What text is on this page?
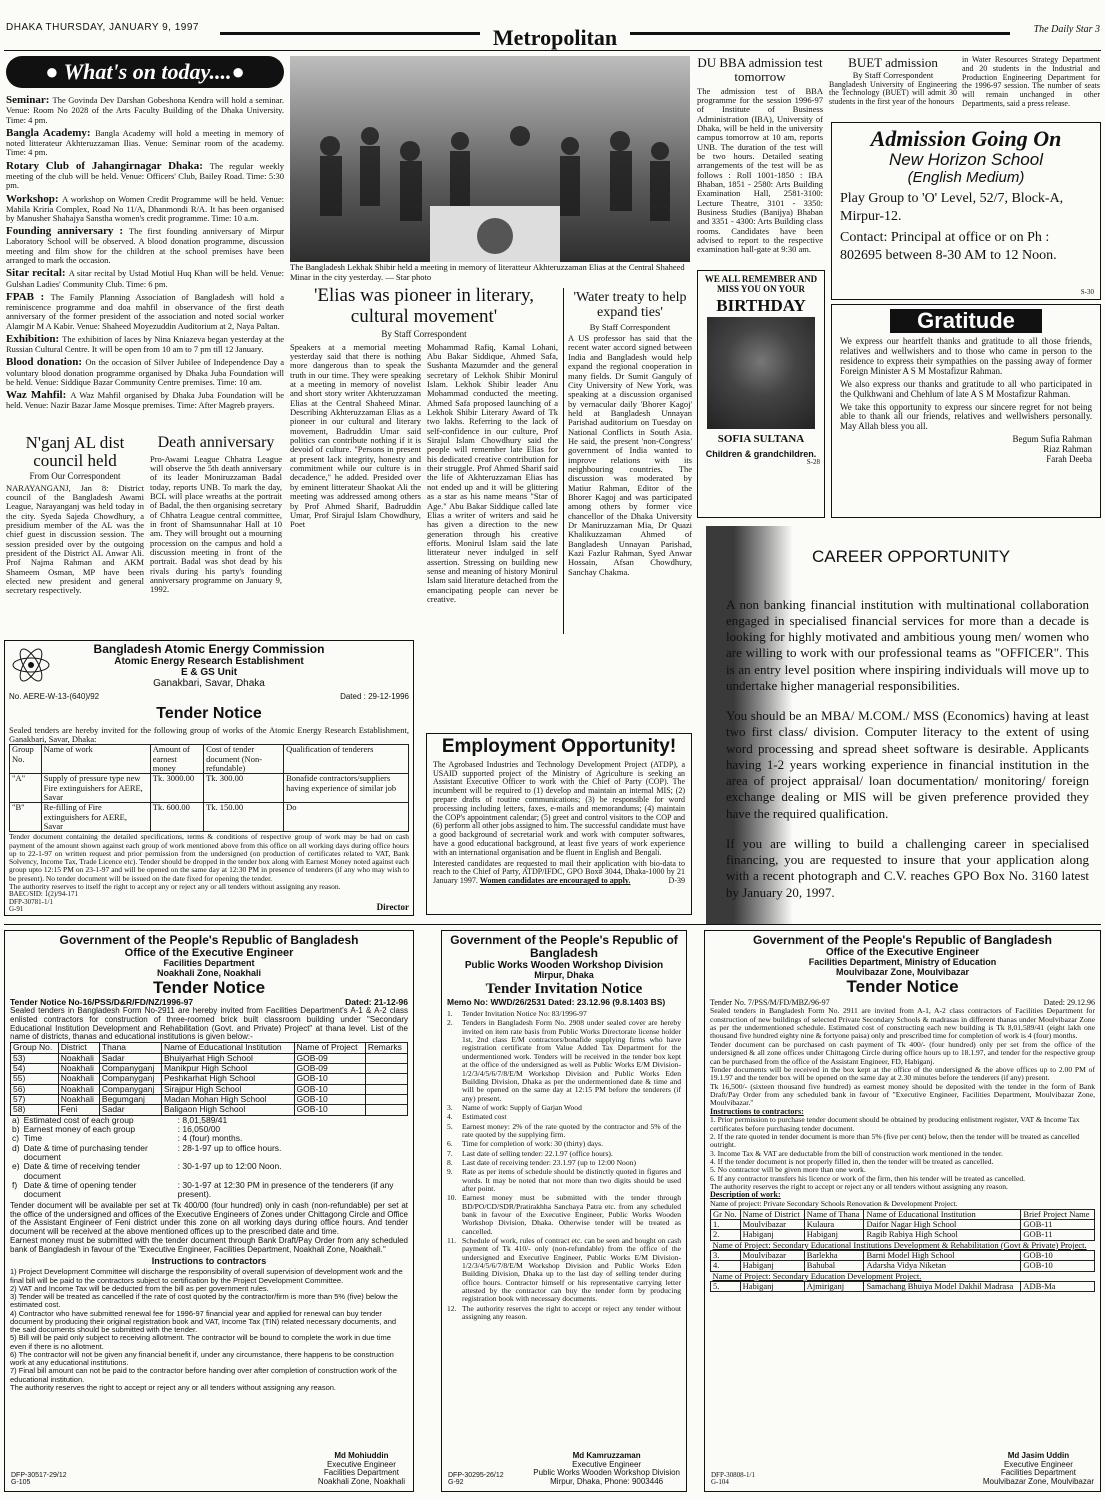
DHAKA THURSDAY, JANUARY 9, 1997	Metropolitan	The Daily Star 3
● What's on today....●

Seminar: The Govinda Dev Darshan Gobeshona Kendra will hold a seminar. Venue: Room No 2028 of the Arts Faculty Building of the Dhaka University. Time: 4 pm.

Bangla Academy: Bangla Academy will hold a meeting in memory of noted litterateur Akhteruzzaman Ilias. Venue: Seminar room of the academy. Time: 4 pm.

Rotary Club of Jahangirnagar Dhaka: The regular weekly meeting of the club will be held. Venue: Officers' Club, Bailey Road. Time: 5:30 pm.

Workshop: A workshop on Women Credit Programme will be held. Venue: Mahila Kriria Complex, Road No 11/A, Dhanmondi R/A. It has been organised by Manusher Shahajya Sanstha women's credit programme. Time: 10 a.m.

Founding anniversary : The first founding anniversary of Mirpur Laboratory School will be observed. A blood donation programme, discussion meeting and film show for the children at the school premises have been arranged to mark the occasion.

Sitar recital: A sitar recital by Ustad Motiul Huq Khan will be held. Venue: Gulshan Ladies' Community Club. Time: 6 pm.

FPAB : The Family Planning Association of Bangladesh will hold a reminiscence programme and doa mahfil in observance of the first death anniversary of the former president of the association and noted social worker Alamgir M A Kabir. Venue: Shaheed Moyezuddin Auditorium at 2, Naya Paltan.

Exhibition: The exhibition of laces by Nina Kniazeva began yesterday at the Russian Cultural Centre. It will be open from 10 am to 7 pm till 12 January.

Blood donation: On the occasion of Silver Jubilee of Independence Day a voluntary blood donation programme organised by Dhaka Juba Foundation will be held. Venue: Siddique Bazar Community Centre premises. Time: 10 am.

Waz Mahfil: A Waz Mahfil organised by Dhaka Juba Foundation will be held. Venue: Nazir Bazar Jame Mosque premises. Time: After Magreb prayers.

N'ganj AL dist council held
From Our Correspondent
NARAYANGANJ, Jan 8: District council of the Bangladesh Awami League, Narayanganj was held today in the city. Syeda Sajeda Chowdhury, a presidium member of the AL was the chief guest in discussion session. The session presided over by the outgoing president of the District AL Anwar Ali. Prof Najma Rahman and AKM Shameem Osman, MP have been elected new president and general secretary respectively.
Death anniversary
Pro-Awami League Chhatra League will observe the 5th death anniversary of its leader Moniruzzaman Badal today, reports UNB. To mark the day, BCL will place wreaths at the portrait of Badal, the then organising secretary of Chhatra League central committee, in front of Shamsunnahar Hall at 10 am. They will brought out a mourning procession on the campus and hold a discussion meeting in front of the portrait. Badal was shot dead by his rivals during his party's founding anniversary programme on January 9, 1992.
The Bangladesh Lekhak Shibir held a meeting in memory of literatteur Akhteruzzaman Elias at the Central Shaheed Minar in the city yesterday. — Star photo
'Elias was pioneer in literary, cultural movement'
By Staff Correspondent
Speakers at a memorial meeting yesterday said that there is nothing more dangerous than to speak the truth in our time. They were speaking at a meeting in memory of novelist and short story writer Akhteruzzaman Elias at the Central Shaheed Minar. Describing Akhteruzzaman Elias as a pioneer in our cultural and literary movement, Badruddin Umar said politics can contribute nothing if it is devoid of culture. "Persons in present at present lack integrity, honesty and commitment while our culture is in decadence," he added. Presided over by eminent litterateur Shaokat Ali the meeting was addressed among others by Prof Ahmed Sharif, Badruddin Umar, Prof Sirajul Islam Chowdhury, Poet
Mohammad Rafiq, Kamal Lohani, Abu Bakar Siddique, Ahmed Safa, Sushanta Mazumder and the general secretary of Lekhok Shibir Monirul Islam. Lekhok Shibir leader Anu Mohammad conducted the meeting. Ahmed Safa proposed launching of a Lekhok Shibir Literary Award of Tk two lakhs. Referring to the lack of self-confidence in our culture, Prof Sirajul Islam Chowdhury said the people will remember late Elias for his dedicated creative contribution for their struggle. Prof Ahmed Sharif said the life of Akhteruzzaman Elias has not ended up and it will be glittering as a star as his name means "Star of Age." Abu Bakar Siddique called late Elias a writer of writers and said he has given a direction to the new generation through his creative efforts. Monirul Islam said the late litterateur never indulged in self assertion. Stressing on building new sense and meaning of history Monirul Islam said literature detached from the emancipating people can never be creative.
'Water treaty to help expand ties'
By Staff Correspondent
A US professor has said that the recent water accord signed between India and Bangladesh would help expand the regional cooperation in many fields. Dr Sumit Ganguly of City University of New York, was speaking at a discussion organised by vernacular daily 'Bhorer Kagoj' held at Bangladesh Unnayan Parishad auditorium on Tuesday on National Conflicts in South Asia. He said, the present 'non-Congress' government of India wanted to improve relations with its neighbouring countries. The discussion was moderated by Matiur Rahman, Editor of the Bhorer Kagoj and was participated among others by former vice chancellor of the Dhaka University Dr Maniruzzaman Mia, Dr Quazi Khalikuzzaman Ahmed of Bangladesh Unnayan Parishad, Kazi Fazlur Rahman, Syed Anwar Hossain, Afsan Chowdhury, Sanchay Chakma.
DU BBA admission test tomorrow
The admission test of BBA programme for the session 1996-97 of Institute of Business Administration (IBA), University of Dhaka, will be held in the university campus tomorrow at 10 am, reports UNB. The duration of the test will be two hours. Detailed seating arrangements of the test will be as follows : Roll 1001-1850 : IBA Bhaban, 1851 - 2580: Arts Building Examination Hall, 2581-3100: Lecture Theatre, 3101 - 3350: Business Studies (Banijya) Bhaban and 3351 - 4300: Arts Building class rooms. Candidates have been advised to report to the respective examination hall-gate at 9:30 am.
BUET admission
By Staff Correspondent
Bangladesh University of Engineering the Technology (BUET) will admit 30 students in the first year of the honours
in Water Resources Strategy Department and 20 students in the Industrial and Production Engineering Department for the 1996-97 session. The number of seats will remain unchanged in other Departments, said a press release.
WE ALL REMEMBER AND MISS YOU ON YOUR
BIRTHDAY
SOFIA SULTANA
Children & grandchildren.
S-28
Admission Going On
New Horizon School
(English Medium)
Play Group to 'O' Level, 52/7, Block-A, Mirpur-12.
Contact: Principal at office or on Ph : 802695 between 8-30 AM to 12 Noon.
S-30
Gratitude
We express our heartfelt thanks and gratitude to all those friends, relatives and wellwishers and to those who came in person to the residence to express their sympathies on the passing away of former Foreign Minister A S M Mostafizur Rahman.
We also express our thanks and gratitude to all who participated in the Qulkhwani and Chehlum of late A S M Mostafizur Rahman.
We take this opportunity to express our sincere regret for not being able to thank all our friends, relatives and wellwishers personally. May Allah bless you all.
Begum Sufia Rahman
Riaz Rahman
Farah Deeba
CAREER OPPORTUNITY
A non banking financial institution with multinational collaboration engaged in specialised financial services for more than a decade is looking for highly motivated and ambitious young men/ women who are willing to work with our professional teams as "OFFICER". This is an entry level position where inspiring individuals will move up to undertake higher managerial responsibilities.
You should be an MBA/ M.COM./ MSS (Economics) having at least two first class/ division. Computer literacy to the extent of using word processing and spread sheet software is desirable. Applicants having 1-2 years working experience in financial institution in the area of project appraisal/ loan documentation/ monitoring/ foreign exchange dealing or MIS will be given preference provided they have the required qualification.
If you are willing to build a challenging career in specialised financing, you are requested to insure that your application along with a recent photograph and C.V. reaches GPO Box No. 3160 latest by January 20, 1997.
Employment Opportunity!
The Agrobased Industries and Technology Development Project (ATDP), a USAID supported project of the Ministry of Agriculture is seeking an Assistant Executive Officer to work with the Chief of Party (COP). The incumbent will be required to (1) develop and maintain an internal MIS; (2) prepare drafts of routine communications; (3) be responsible for word processing including letters, faxes, e-mails and memorandums; (4) maintain the COP's appointment calendar; (5) greet and control visitors to the COP and (6) perform all other jobs assigned to him. The successful candidate must have a good background of secretarial work and work with computer softwares, have a good educational background, at least five years of work experience with an international organisation and be fluent in English and Bengali.
Interested candidates are requested to mail their application with bio-data to reach to the Chief of Party, ATDP/IFDC, GPO Box# 3044, Dhaka-1000 by 21 January 1997. Women candidates are encouraged to apply.	D-39
Bangladesh Atomic Energy Commission
Atomic Energy Research Establishment
E & GS Unit
Ganakbari, Savar, Dhaka
No. AERE-W-13-(640)/92	Dated : 29-12-1996
Tender Notice
Sealed tenders are hereby invited for the following group of works of the Atomic Energy Research Establishment, Ganakbari, Savar, Dhaka:
Group No.	Name of work	Amount of earnest money	Cost of tender document (Non-refundable)	Qualification of tenderers
"A"	Supply of pressure type new Fire extinguishers for AERE, Savar	Tk. 3000.00	Tk. 300.00	Bonafide contractors/suppliers having experience of similar job
"B"	Re-filling of Fire extinguishers for AERE, Savar	Tk. 600.00	Tk. 150.00	Do
Tender document containing the detailed specifications, terms & conditions of respective group of work may be had on cash payment of the amount shown against each group of work mentioned above from this office on all working days during office hours up to 22-1-97 on written request and prior permission from the undersigned (on production of certificates related to VAT, Bank Solvency, Income Tax, Trade Licence etc). Tender should be dropped in the tender box along with Earnest Money noted against each group upto 12:15 PM on 23-1-97 and will be opened on the same day at 12:30 PM in presence of tenderers (if any who may wish to be present). No tender document will be issued on the date fixed for opening the tender.
The authority reserves to itself the right to accept any or reject any or all tenders without assigning any reason.
BAEC/SID: 1(2)/94-171
DFP-30781-1/1
G-91	Director
Government of the People's Republic of Bangladesh
Office of the Executive Engineer
Facilities Department
Noakhali Zone, Noakhali
Tender Notice
Tender Notice No-16/PSS/D&R/FD/NZ/1996-97	Dated: 21-12-96
Sealed tenders in Bangladesh Form No-2911 are hereby invited from Facilities Department's A-1 & A-2 class enlisted contractors for construction of three-roomed brick built classroom building under "Secondary Educational Institution Development and Rehabilitation (Govt. and Private) Project" at thana level. List of the name of districts, thanas and educational institutions is given below:-
Group No.	District	Thana	Name of Educational Institution	Name of Project	Remarks
53)	Noakhali	Sadar	Bhuiyarhat High School	GOB-09	
54)	Noakhali	Companyganj	Manikpur High School	GOB-09	
55)	Noakhali	Companyganj	Peshkarhat High School	GOB-10	
56)	Noakhali	Companyganj	Sirajpur High School	GOB-10	
57)	Noakhali	Begumganj	Madan Mohan High School	GOB-10	
58)	Feni	Sadar	Baligaon High School	GOB-10	
a)	Estimated cost of each group	: 8,01,589/41
b)	Earnest money of each group	: 16,050/00
c)	Time	: 4 (four) months.
d)	Date & time of purchasing tender document	: 28-1-97 up to office hours.
e)	Date & time of receiving tender document	: 30-1-97 up to 12:00 Noon.
f)	Date & time of opening tender document	: 30-1-97 at 12:30 PM in presence of the tenderers (if any present).
Tender document will be available per set at Tk 400/00 (four hundred) only in cash (non-refundable) per set at the office of the undersigned and offices of the Executive Engineers of Zones under Chittagong Circle and Office of the Assistant Engineer of Feni district under this zone on all working days during office hours. And tender document will be received at the above mentioned offices up to the prescribed date and time.
Earnest money must be submitted with the tender document through Bank Draft/Pay Order from any scheduled bank of Bangladesh in favour of the "Executive Engineer, Facilities Department, Noakhali Zone, Noakhali."
Instructions to contractors
1) Project Development Committee will discharge the responsibility of overall supervision of development work and the final bill will be paid to the contractors subject to certification by the Project Development Committee.
2) VAT and Income Tax will be deducted from the bill as per government rules.
3) Tender will be treated as cancelled if the rate of cost quoted by the contractor/firm is more than 5% (five) below the estimated cost.
4) Contractor who have submitted renewal fee for 1996-97 financial year and applied for renewal can buy tender document by producing their original registration book and VAT, Income Tax (TIN) related necessary documents, and the said documents should be submitted with the tender.
5) Bill will be paid only subject to receiving allotment. The contractor will be bound to complete the work in due time even if there is no allotment.
6) The contractor will not be given any financial benefit if, under any circumstance, there happens to be construction work at any educational institutions.
7) Final bill amount can not be paid to the contractor before handing over after completion of construction work of the educational institution.
The authority reserves the right to accept or reject any or all tenders without assigning any reason.
Md Mohiuddin
Executive Engineer
Facilities Department
Noakhali Zone, Noakhali
DFP-30517-29/12
G-105
Government of the People's Republic of Bangladesh
Public Works Wooden Workshop Division
Mirpur, Dhaka
Tender Invitation Notice
Memo No: WWD/26/2531 Dated: 23.12.96 (9.8.1403 BS)
1.	Tender Invitation Notice No: 83/1996-97
2.	Tenders in Bangladesh Form No. 2908 under sealed cover are hereby invited on item rate basis from Public Works Directorate license holder 1st, 2nd class E/M contractors/bonafide supplying firms who have registration certificate from Value Added Tax Department for the undermentioned work. Tenders will be received in the tender box kept at the office of the undersigned as well as Public Works E/M Division-1/2/3/4/5/6/7/8/E/M Workshop Division and Public Works Eden Building Division, Dhaka as per the undermentioned date & time and will be opened on the same day at 12:15 PM before the tenderers (if any) present.
3.	Name of work: Supply of Garjan Wood
4.	Estimated cost
5.	Earnest money: 2% of the rate quoted by the contractor and 5% of the rate quoted by the supplying firm.
6.	Time for completion of work: 30 (thirty) days.
7.	Last date of selling tender: 22.1.97 (office hours).
8.	Last date of receiving tender: 23.1.97 (up to 12:00 Noon)
9.	Rate as per items of schedule should be distinctly quoted in figures and words. It may be noted that not more than two digits should be used after point.
10. Earnest money must be submitted with the tender through BD/PO/CD/SDR/Pratirakhha Sanchaya Patra etc. from any scheduled bank in favour of the Executive Engineer, Public Works Wooden Workshop Division, Dhaka. Otherwise tender will be treated as cancelled.
11. Schedule of work, rules of contract etc. can be seen and bought on cash payment of Tk 410/- only (non-refundable) from the office of the undersigned and Executive Engineer, Public Works E/M Division-1/2/3/4/5/6/7/8/E/M Workshop Division and Public Works Eden Building Division, Dhaka up to the last day of selling tender during office hours. Contractor himself or his representative carrying letter attested by the contractor can buy the tender form by producing registration book with necessary documents.
12. The authority reserves the right to accept or reject any tender without assigning any reason.
Md Kamruzzaman
Executive Engineer
Public Works Wooden Workshop Division
Mirpur, Dhaka, Phone: 9003446
DFP-30295-26/12
G-92
Government of the People's Republic of Bangladesh
Office of the Executive Engineer
Facilities Department, Ministry of Education
Moulvibazar Zone, Moulvibazar
Tender Notice
Tender No. 7/PSS/M/FD/MBZ/96-97	Dated: 29.12.96
Sealed tenders in Bangladesh Form No. 2911 are invited from A-1, A-2 class contractors of Facilities Department for construction of new buildings of selected Private Secondary Schools & madrasas in different thanas under Moulvibazar Zone as per the undermentioned schedule. Estimated cost of constructing each new building is Tk 8,01,589/41 (eight lakh one thousand five hundred eighty nine & fortyone paisa) only and prescribed time for completion of work is 4 (four) months.
Tender document can be purchased on cash payment of Tk 400/- (four hundred) only per set from the office of the undersigned & all zone offices under Chittagong Circle during office hours up to 18.1.97, and tender for the respective group can be purchased from the office of the Assistant Engineer, FD, Habiganj.
Tender documents will be received in the box kept at the office of the undersigned & the above offices up to 2.00 PM of 19.1.97 and the tender box will be opened on the same day at 2.30 minutes before the tenderers (if any) present.
Tk 16,500/- (sixteen thousand five hundred) as earnest money should be deposited with the tender in the form of Bank Draft/Pay Order from any scheduled bank in favour of "Executive Engineer, Facilities Department, Moulvibazar Zone, Moulvibazar."
Instructions to contractors:
1. Prior permission to purchase tender document should be obtained by producing enlistment register, VAT & Income Tax certificates before purchasing tender document.
2. If the rate quoted in tender document is more than 5% (five per cent) below, then the tender will be treated as cancelled outright.
3. Income Tax & VAT are deductable from the bill of construction work mentioned in the tender.
4. If the tender document is not properly filled in, then the tender will be treated as cancelled.
5. No contractor will be given more than one work.
6. If any contractor transfers his licence or work of the firm, then his tender will be treated as cancelled.
The authority reserves the right to accept or reject any or all tenders without assigning any reason.
Description of work:
Name of project: Private Secondary Schools Renovation & Development Project.
Gr No.	Name of District	Name of Thana	Name of Educational Institution	Brief Project Name
1.	Moulvibazar	Kulaura	Daifor Nagar High School	GOB-11
2.	Habiganj	Habiganj	Ragib Rabiya High School	GOB-11
Name of Project: Secondary Educational Institutions Development & Rehabilitation (Govt & Private) Project.				
3.	Moulvibazar	Barlekha	Barni Model High School	GOB-10
4.	Habiganj	Bahubal	Adarsha Vidya Niketan	GOB-10
Name of Project: Secondary Education Development Project.				
5.	Habiganj	Ajmiriganj	Samachang Bhuiya Model Dakhil Madrasa	ADB-Ma
Md Jasim Uddin
Executive Engineer
Facilities Department
Moulvibazar Zone, Moulvibazar
DFP-30808-1/1
G-104
